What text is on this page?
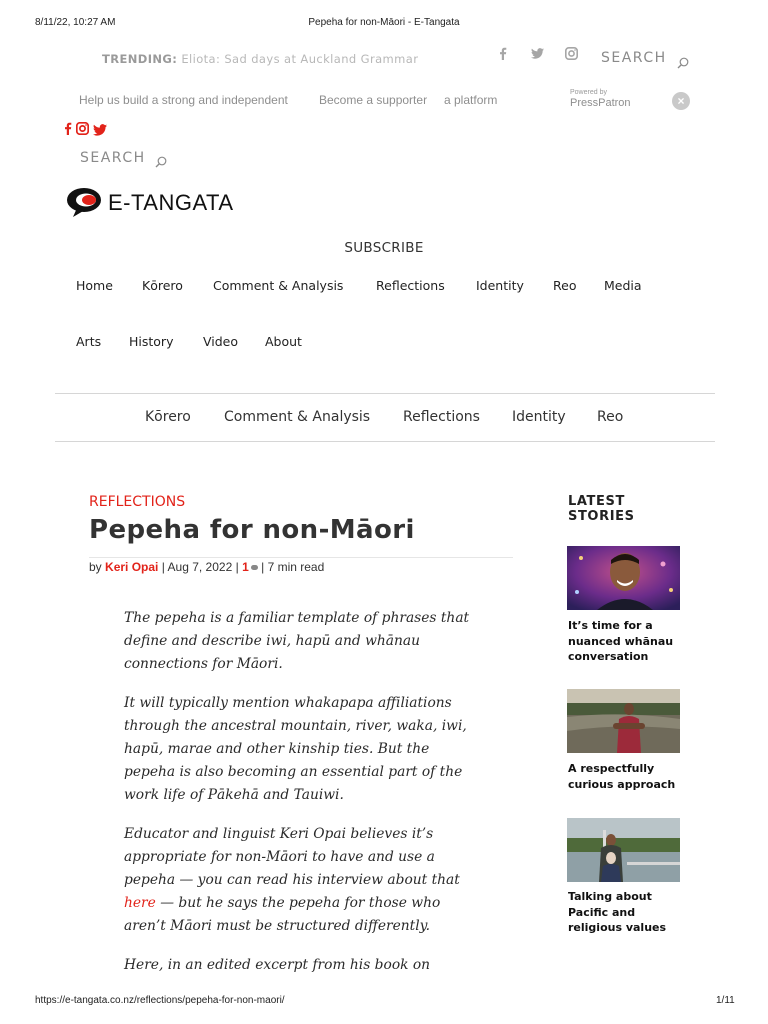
8/11/22, 10:27 AM	Pepeha for non-Māori - E-Tangata
TRENDING: Eliota: Sad days at Auckland Grammar	SEARCH
Help us build a strong and independent	Become a supporter a platform
Powered by
PressPatron	×
SEARCH
E-TANGATA
SUBSCRIBE
Home Kōrero Comment & Analysis	Reflections	Identity Reo Media
Arts History Video About
Kōrero Comment & Analysis Reflections Identity Reo
REFLECTIONS
Pepeha for non-Māori
by Keri Opai | Aug 7, 2022 | 1 | 7 min read

The pepeha is a familiar template of phrases that define and describe iwi, hapū and whānau connections for Māori.

It will typically mention whakapapa affiliations through the ancestral mountain, river, waka, iwi, hapū, marae and other kinship ties. But the pepeha is also becoming an essential part of the work life of Pākehā and Tauiwi.

Educator and linguist Keri Opai believes it’s appropriate for non-Māori to have and use a pepeha — you can read his interview about that here — but he says the pepeha for those who aren’t Māori must be structured differently.

Here, in an edited excerpt from his book on

LATEST STORIES
It’s time for a nuanced whānau conversation
A respectfully curious approach
Talking about Pacific and religious values
https://e-tangata.co.nz/reflections/pepeha-for-non-maori/	1/11
